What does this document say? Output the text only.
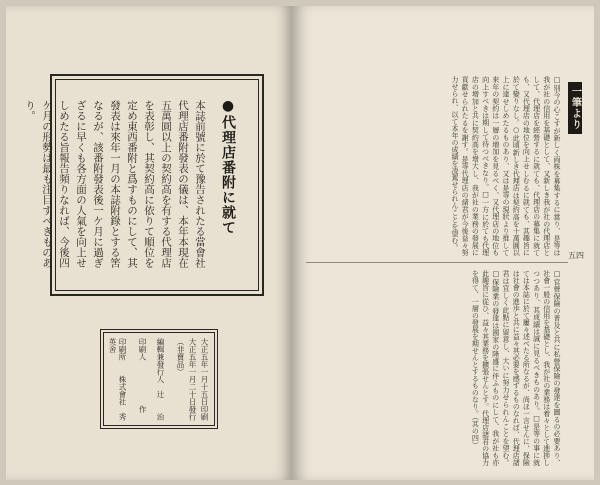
●代理店番附に就て

本誌前號に於て豫告されたる當會社代理店番附發表の儀は、本年本現在五萬圓以上の契約高を有する代理店を表彰し、其契約高に依りて順位を定め東西番附と爲すものにして、其發表は來年一月の本誌附錄とする筈なるが、該番附發表後一ケ月に過ぎざるに早くも各方面の人氣を向上せしめたる旨報告頻りなれば、今後四ケ月の形勢は最も注目すべきものあり。

大正五年一月十五日印刷
大正五年一月二十日發行
（非賣品）
編輯兼發行人　辻　　治
印刷人　　　　　　作
印刷所　　株式會社　秀英舍
一筆より
五四

□別今の心こすが新しく両株を募集するに當り、是等は我が社の信用を基礎として、又新しき我が社の代理店として、代理店を經營するに就ても、代理店の募集に就ても、又代理店の地位を向上せしむるに就ても、其趣旨に於て變りなし。○此頃新しき代理店は契約高を十萬圓以上に達せしめたるものあり、又は是等の現狀より推して來年の契約は一層の増加を見るべく、又代理店の地位も向上すべきは期して待つべきなり。□一方に於ても代理店の増加と共に契約高を增大し、我が社の業務の發展に貢獻せられたるを謝す。是等代理店の諸君が今後益々努力せられ、以て本年の成績を凌駕せられんことを望む。

□官營保險の普及と共に私營保險の發達を圖るの必要あり、社會一般の信用を基礎とし、我が社の業務は着々として進捗しつつあり、其成績は誠に見るべきものあり。□是等の事に就ては本誌に於て屢々述べたる所なるが、尚ほ一言せんに、保險は社會の進歩と共に益々其必要を感ずるものなれば、代理店諸君は宜しく此點に留意し、大いに努力せられんことを望む。□保險業の發達は國家の隆盛に伴ふものにして、我が社も亦此趣旨に從ひ、益々其業務を擴張せんとす。代理店諸君の協力を得て、一層の發展を期せんとするものなり。（其の四）
